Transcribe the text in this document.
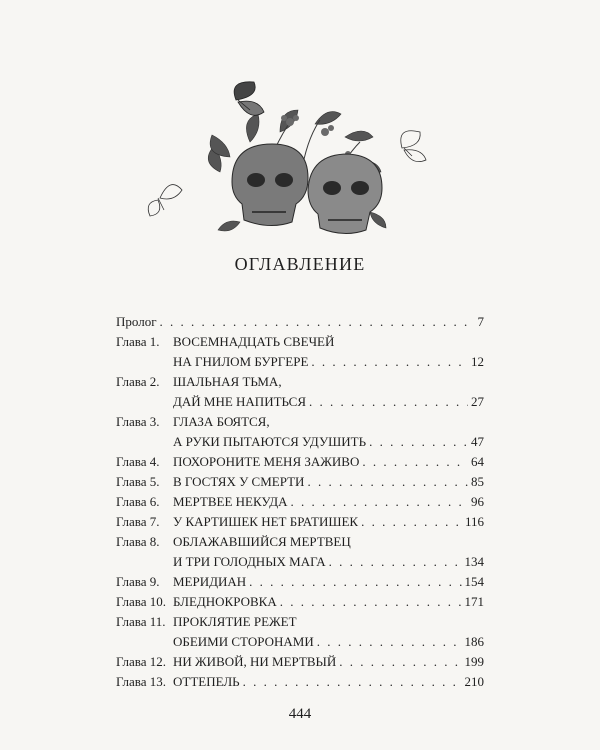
ОГЛАВЛЕНИЕ
Пролог . . .	7
Глава 1.	ВОСЕМНАДЦАТЬ СВЕЧЕЙ
НА ГНИЛОМ БУРГЕРЕ . . .	12
Глава 2.	ШАЛЬНАЯ ТЬМА,
ДАЙ МНЕ НАПИТЬСЯ . . .	27
Глава 3.	ГЛАЗА БОЯТСЯ,
А РУКИ ПЫТАЮТСЯ УДУШИТЬ . . .	47
Глава 4.	ПОХОРОНИТЕ МЕНЯ ЗАЖИВО . . .	64
Глава 5.	В ГОСТЯХ У СМЕРТИ . . .	85
Глава 6.	МЕРТВЕЕ НЕКУДА . . .	96
Глава 7.	У КАРТИШЕК НЕТ БРАТИШЕК . . .	116
Глава 8.	ОБЛАЖАВШИЙСЯ МЕРТВЕЦ
И ТРИ ГОЛОДНЫХ МАГА . . .	134
Глава 9.	МЕРИДИАН . . .	154
Глава 10. БЛЕДНОКРОВКА . . .	171
Глава 11. ПРОКЛЯТИЕ РЕЖЕТ
ОБЕИМИ СТОРОНАМИ . . .	186
Глава 12. НИ ЖИВОЙ, НИ МЕРТВЫЙ . . .	199
Глава 13. ОТТЕПЕЛЬ . . .	210
444
